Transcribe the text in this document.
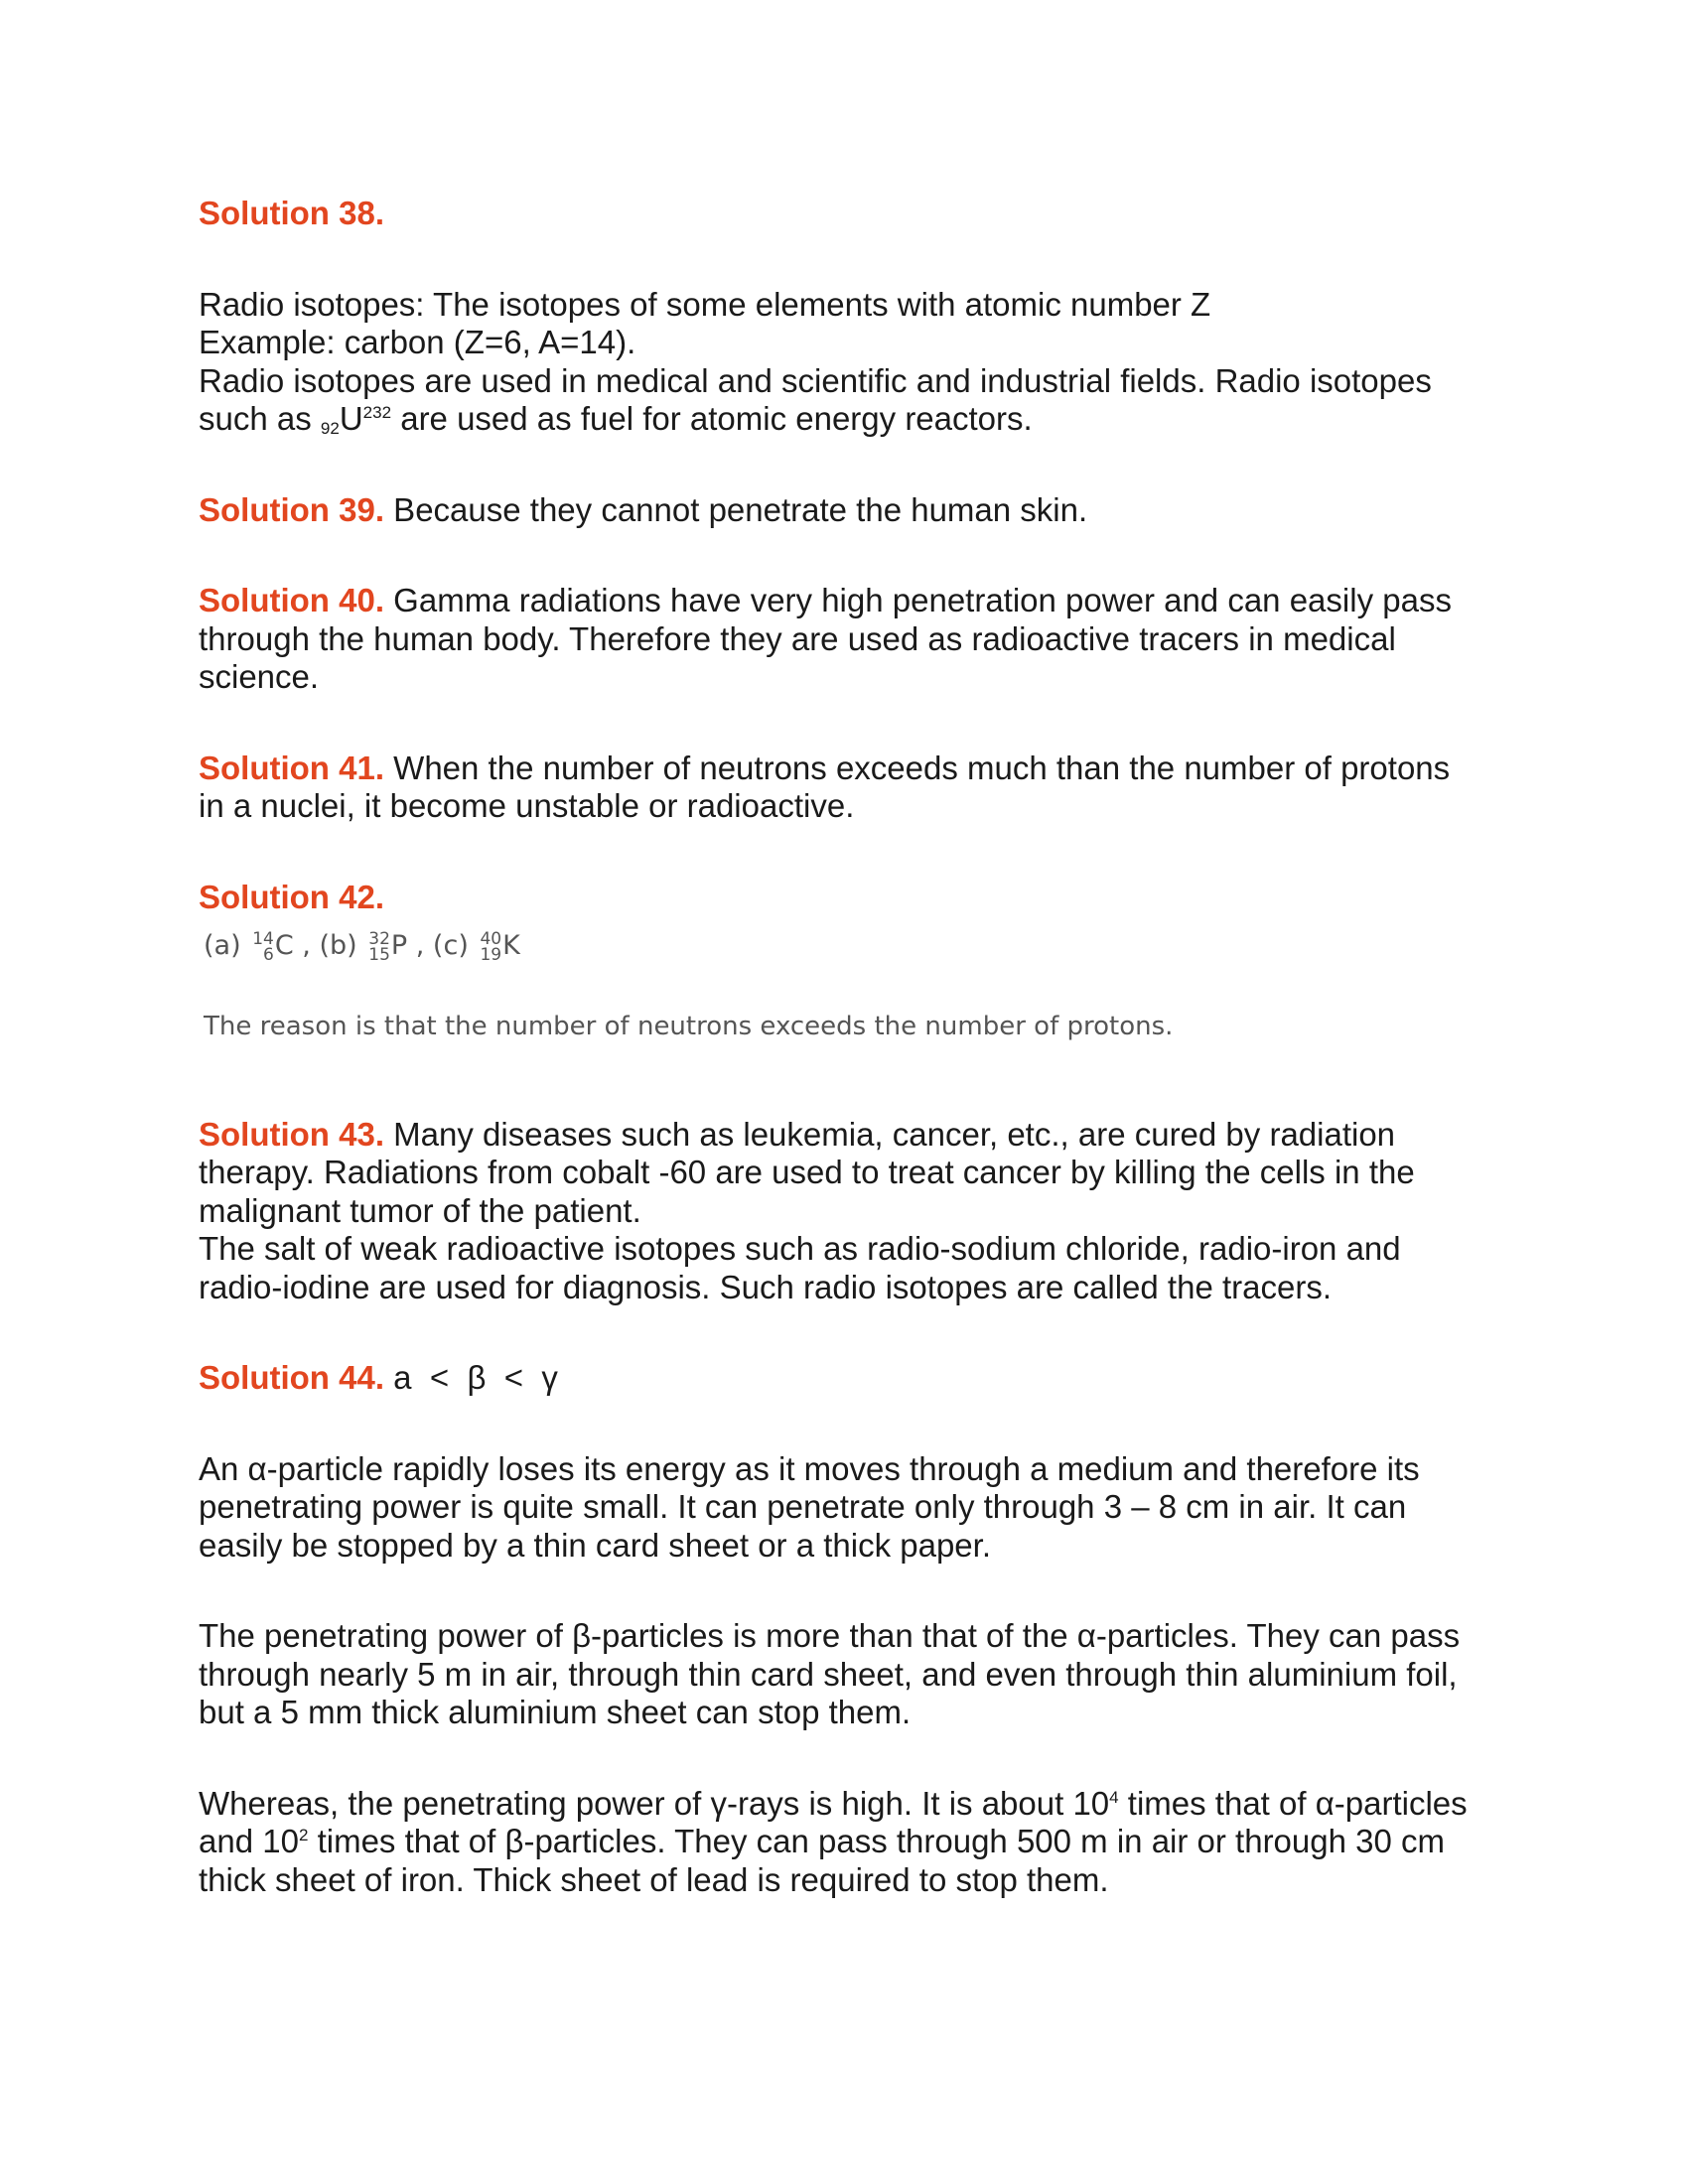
Solution 38.
Radio isotopes: The isotopes of some elements with atomic number Z
Example: carbon (Z=6, A=14).
Radio isotopes are used in medical and scientific and industrial fields. Radio isotopes
such as $92U^{232}$ are used as fuel for atomic energy reactors.
Solution 39. Because they cannot penetrate the human skin.
Solution 40. Gamma radiations have very high penetration power and can easily pass
through the human body. Therefore they are used as radioactive tracers in medical
science.
Solution 41. When the number of neutrons exceeds much than the number of protons
in a nuclei, it become unstable or radioactive.
Solution 42.
(a) 14
6 C , (b) 32
15 P , (c) 40
19 K
The reason is that the number of neutrons exceeds the number of protons.
Solution 43. Many diseases such as leukemia, cancer, etc., are cured by radiation
therapy. Radiations from cobalt -60 are used to treat cancer by killing the cells in the
malignant tumor of the patient.
The salt of weak radioactive isotopes such as radio-sodium chloride, radio-iron and
radio-iodine are used for diagnosis. Such radio isotopes are called the tracers.
Solution 44. a  <  β  <  γ
An α-particle rapidly loses its energy as it moves through a medium and therefore its
penetrating power is quite small. It can penetrate only through 3 – 8 cm in air. It can
easily be stopped by a thin card sheet or a thick paper.
The penetrating power of β-particles is more than that of the α-particles. They can pass
through nearly 5 m in air, through thin card sheet, and even through thin aluminium foil,
but a 5 mm thick aluminium sheet can stop them.
Whereas, the penetrating power of γ-rays is high. It is about $10^4$ times that of α-particles
and $10^2$ times that of β-particles. They can pass through 500 m in air or through 30 cm
thick sheet of iron. Thick sheet of lead is required to stop them.
